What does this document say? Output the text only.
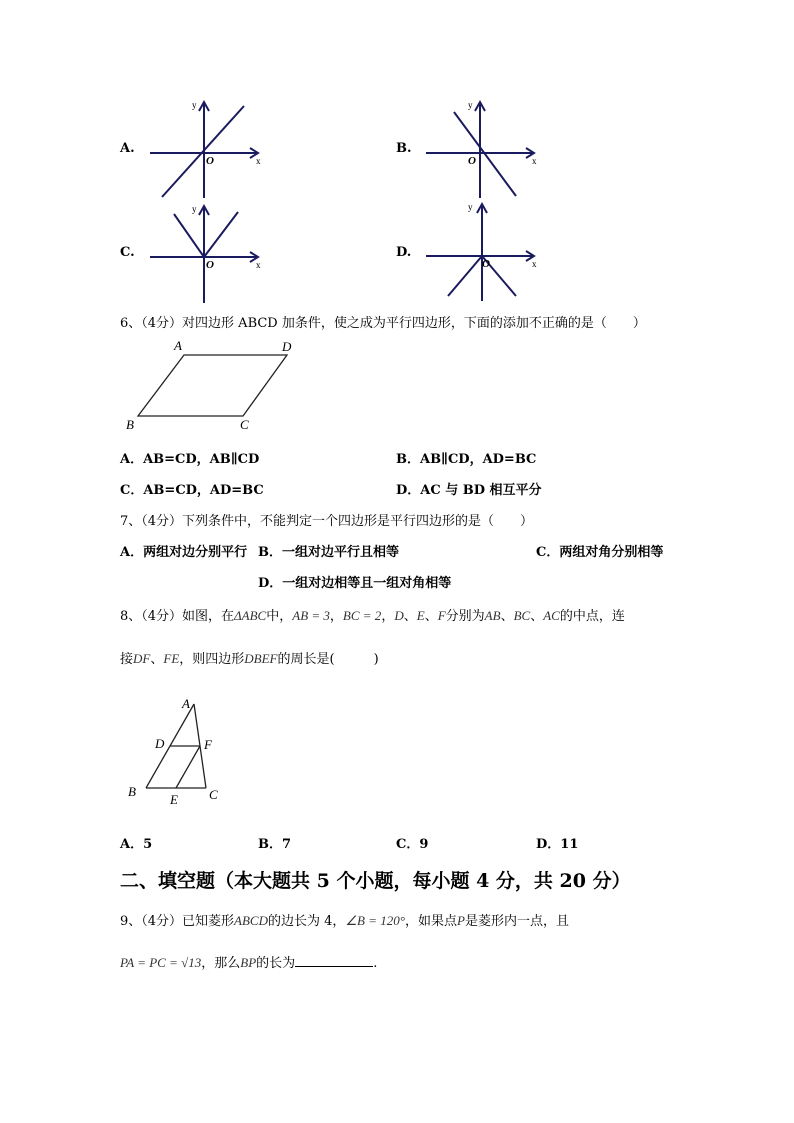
A.	B.
C.	D.
y
x
O
y
x
O
y
x
O
y
x
O
6、（4分）对四边形 ABCD 加条件，使之成为平行四边形，下面的添加不正确的是（　　）
A	D
B	C
A．AB=CD，AB∥CD	B．AB∥CD，AD=BC
C．AB=CD，AD=BC	D．AC 与 BD 相互平分
7、（4分）下列条件中，不能判定一个四边形是平行四边形的是（　　）
A．两组对边分别平行 B．一组对边平行且相等	C．两组对角分别相等
D．一组对边相等且一组对角相等
8、（4分）如图，在ΔABC中，AB = 3，BC = 2，D、E、F分别为AB、BC、AC的中点，连
接DF、FE，则四边形DBEF的周长是(　　　)
A
D	F
B
E C
A．5	B．7	C．9	D．11
二、填空题（本大题共 5 个小题，每小题 4 分，共 20 分）
9、（4分）已知菱形ABCD的边长为 4，∠B = 120°，如果点P是菱形内一点，且
PA = PC = √13，那么BP的长为	.
